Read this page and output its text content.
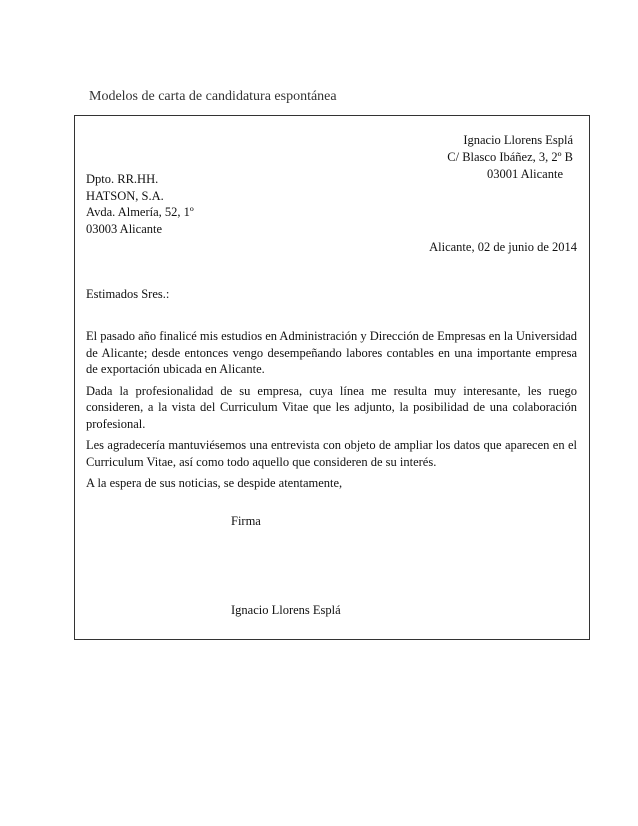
Modelos de carta de candidatura espontánea
Ignacio Llorens Esplá
C/ Blasco Ibáñez, 3, 2º B
03001 Alicante
Dpto. RR.HH.
HATSON, S.A.
Avda. Almería, 52, 1º
03003 Alicante
Alicante, 02 de junio de 2014
Estimados Sres.:

El pasado año finalicé mis estudios en Administración y Dirección de Empresas en la Universidad de Alicante; desde entonces vengo desempeñando labores contables en una importante empresa de exportación ubicada en Alicante.

Dada la profesionalidad de su empresa, cuya línea me resulta muy interesante, les ruego consideren, a la vista del Curriculum Vitae que les adjunto, la posibilidad de una colaboración profesional.

Les agradecería mantuviésemos una entrevista con objeto de ampliar los datos que aparecen en el Curriculum Vitae, así como todo aquello que consideren de su interés.

A la espera de sus noticias, se despide atentamente,

Firma
Ignacio Llorens Esplá
